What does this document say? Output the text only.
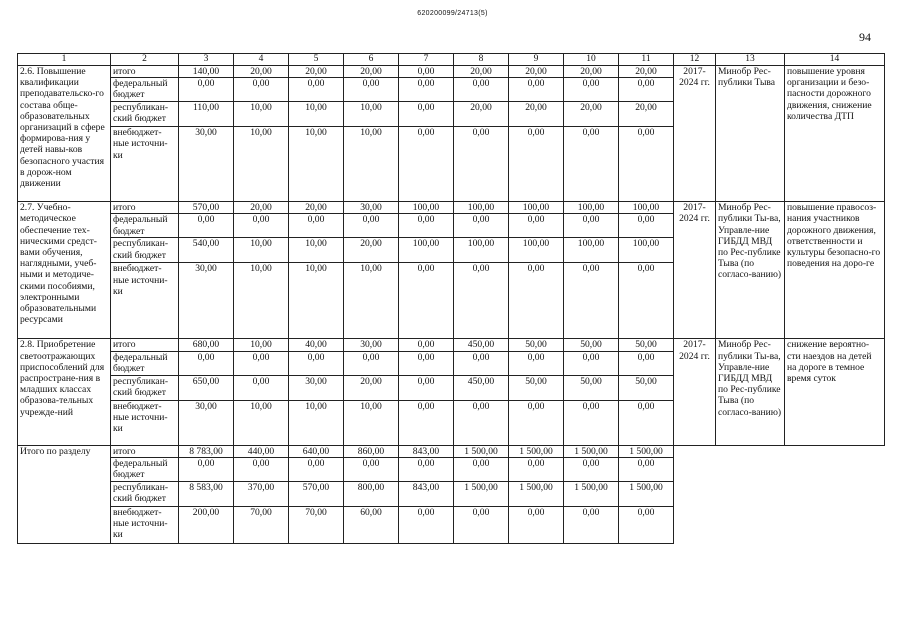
620200099/24713(5)
94
1	2	3	4	5	6	7	8	9	10	11	12	13	14
2.6. Повышение квалификации преподавательско-го состава обще-образовательных организаций в сфере формирова-ния у детей навы-ков безопасного участия в дорож-ном движении	итого	140,00	20,00	20,00	20,00	0,00	20,00	20,00	20,00	20,00	2017-2024 гг.	Минобр Рес-публики Тыва	повышение уровня организации и безо-пасности дорожного движения, снижение количества ДТП
	федеральный бюджет	0,00	0,00	0,00	0,00	0,00	0,00	0,00	0,00	0,00			
	республикан-ский бюджет	110,00	10,00	10,00	10,00	0,00	20,00	20,00	20,00	20,00			
	внебюджет-ные источни-ки	30,00	10,00	10,00	10,00	0,00	0,00	0,00	0,00	0,00			
2.7. Учебно-методическое обеспечение тех-ническими средст-вами обучения, наглядными, учеб-ными и методиче-скими пособиями, электронными образовательными ресурсами	итого	570,00	20,00	20,00	30,00	100,00	100,00	100,00	100,00	100,00	2017-2024 гг.	Минобр Рес-публики Ты-ва, Управле-ние ГИБДД МВД по Рес-публике Тыва (по согласо-ванию)	повышение правосоз-нания участников дорожного движения, ответственности и культуры безопасно-го поведения на доро-ге
	федеральный бюджет	0,00	0,00	0,00	0,00	0,00	0,00	0,00	0,00	0,00			
	республикан-ский бюджет	540,00	10,00	10,00	20,00	100,00	100,00	100,00	100,00	100,00			
	внебюджет-ные источни-ки	30,00	10,00	10,00	10,00	0,00	0,00	0,00	0,00	0,00			
2.8. Приобретение светоотражающих приспособлений для распростране-ния в младших классах образова-тельных учрежде-ний	итого	680,00	10,00	40,00	30,00	0,00	450,00	50,00	50,00	50,00	2017-2024 гг.	Минобр Рес-публики Ты-ва, Управле-ние ГИБДД МВД по Рес-публике Тыва (по согласо-ванию)	снижение вероятно-сти наездов на детей на дороге в темное время суток
	федеральный бюджет	0,00	0,00	0,00	0,00	0,00	0,00	0,00	0,00	0,00			
	республикан-ский бюджет	650,00	0,00	30,00	20,00	0,00	450,00	50,00	50,00	50,00			
	внебюджет-ные источни-ки	30,00	10,00	10,00	10,00	0,00	0,00	0,00	0,00	0,00			
Итого по разделу	итого	8 783,00	440,00	640,00	860,00	843,00	1 500,00	1 500,00	1 500,00	1 500,00			
	федеральный бюджет	0,00	0,00	0,00	0,00	0,00	0,00	0,00	0,00	0,00			
	республикан-ский бюджет	8 583,00	370,00	570,00	800,00	843,00	1 500,00	1 500,00	1 500,00	1 500,00			
	внебюджет-ные источни-ки	200,00	70,00	70,00	60,00	0,00	0,00	0,00	0,00	0,00			
